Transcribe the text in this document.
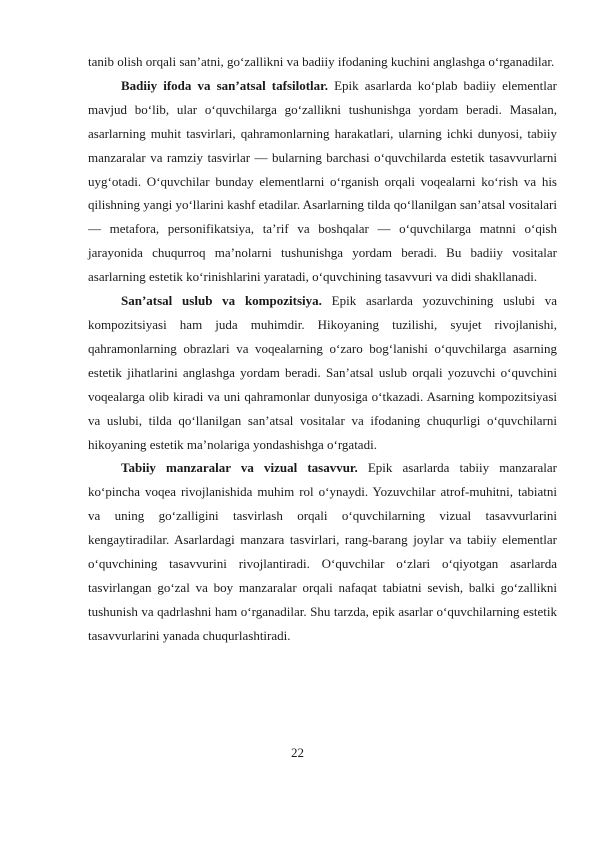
tanib olish orqali san’atni, go‘zallikni va badiiy ifodaning kuchini anglashga o‘rganadilar.

Badiiy ifoda va san’atsal tafsilotlar. Epik asarlarda ko‘plab badiiy elementlar mavjud bo‘lib, ular o‘quvchilarga go‘zallikni tushunishga yordam beradi. Masalan, asarlarning muhit tasvirlari, qahramonlarning harakatlari, ularning ichki dunyosi, tabiiy manzaralar va ramziy tasvirlar — bularning barchasi o‘quvchilarda estetik tasavvurlarni uyg‘otadi. O‘quvchilar bunday elementlarni o‘rganish orqali voqealarni ko‘rish va his qilishning yangi yo‘llarini kashf etadilar. Asarlarning tilda qo‘llanilgan san’atsal vositalari — metafora, personifikatsiya, ta’rif va boshqalar — o‘quvchilarga matnni o‘qish jarayonida chuqurroq ma’nolarni tushunishga yordam beradi. Bu badiiy vositalar asarlarning estetik ko‘rinishlarini yaratadi, o‘quvchining tasavvuri va didi shakllanadi.

San’atsal uslub va kompozitsiya. Epik asarlarda yozuvchining uslubi va kompozitsiyasi ham juda muhimdir. Hikoyaning tuzilishi, syujet rivojlanishi, qahramonlarning obrazlari va voqealarning o‘zaro bog‘lanishi o‘quvchilarga asarning estetik jihatlarini anglashga yordam beradi. San’atsal uslub orqali yozuvchi o‘quvchini voqealarga olib kiradi va uni qahramonlar dunyosiga o‘tkazadi. Asarning kompozitsiyasi va uslubi, tilda qo‘llanilgan san’atsal vositalar va ifodaning chuqurligi o‘quvchilarni hikoyaning estetik ma’nolariga yondashishga o‘rgatadi.

Tabiiy manzaralar va vizual tasavvur. Epik asarlarda tabiiy manzaralar ko‘pincha voqea rivojlanishida muhim rol o‘ynaydi. Yozuvchilar atrof-muhitni, tabiatni va uning go‘zalligini tasvirlash orqali o‘quvchilarning vizual tasavvurlarini kengaytiradilar. Asarlardagi manzara tasvirlari, rang-barang joylar va tabiiy elementlar o‘quvchining tasavvurini rivojlantiradi. O‘quvchilar o‘zlari o‘qiyotgan asarlarda tasvirlangan go‘zal va boy manzaralar orqali nafaqat tabiatni sevish, balki go‘zallikni tushunish va qadrlashni ham o‘rganadilar. Shu tarzda, epik asarlar o‘quvchilarning estetik tasavvurlarini yanada chuqurlashtiradi.

22
